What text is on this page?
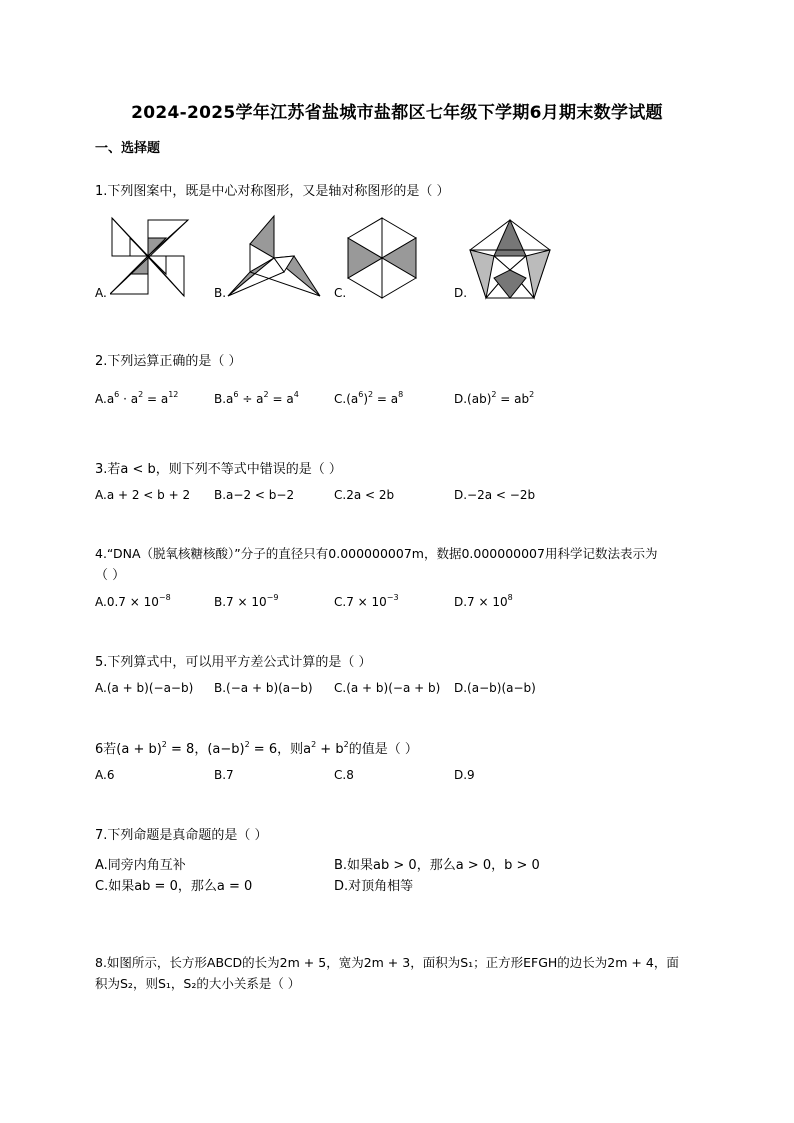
2024-2025学年江苏省盐城市盐都区七年级下学期6月期末数学试题
一、选择题
1.下列图案中，既是中心对称图形，又是轴对称图形的是（ ）
A.	B.	C.	D.
2.下列运算正确的是（ ）
$A.a^6 \cdot a^2 = a^{12}$	$B.a^6 \div a^2 = a^4$	$C.(a^6)^2 = a^8$	$D.(ab)^2 = ab^2$
3.若a < b，则下列不等式中错误的是（ ）
A.a + 2 < b + 2 B.a−2 < b−2	C.2a < 2b	D.−2a < −2b
4.“DNA（脱氧核糖核酸）”分子的直径只有0.000000007m，数据0.000000007用科学记数法表示为
（ ）
$A.0.7 \times 10^{-8}$	$B.7 \times 10^{-9}$	$C.7 \times 10^{-3}$	$D.7 \times 10^8$
5.下列算式中，可以用平方差公式计算的是（ ）
A.(a + b)(−a−b) B.(−a + b)(a−b) C.(a + b)(−a + b) D.(a−b)(a−b)
6若$(a + b)^2 = 8$，$(a-b)^2 = 6$，则$a^2 + b^2$的值是（ ）
A.6	B.7	C.8	D.9
7.下列命题是真命题的是（ ）
A.同旁内角互补	B.如果ab > 0，那么a > 0，b > 0
C.如果ab = 0，那么a = 0	D.对顶角相等
8.如图所示，长方形ABCD的长为2m + 5，宽为2m + 3，面积为S₁；正方形EFGH的边长为2m + 4，面
积为S₂，则S₁，S₂的大小关系是（ ）
